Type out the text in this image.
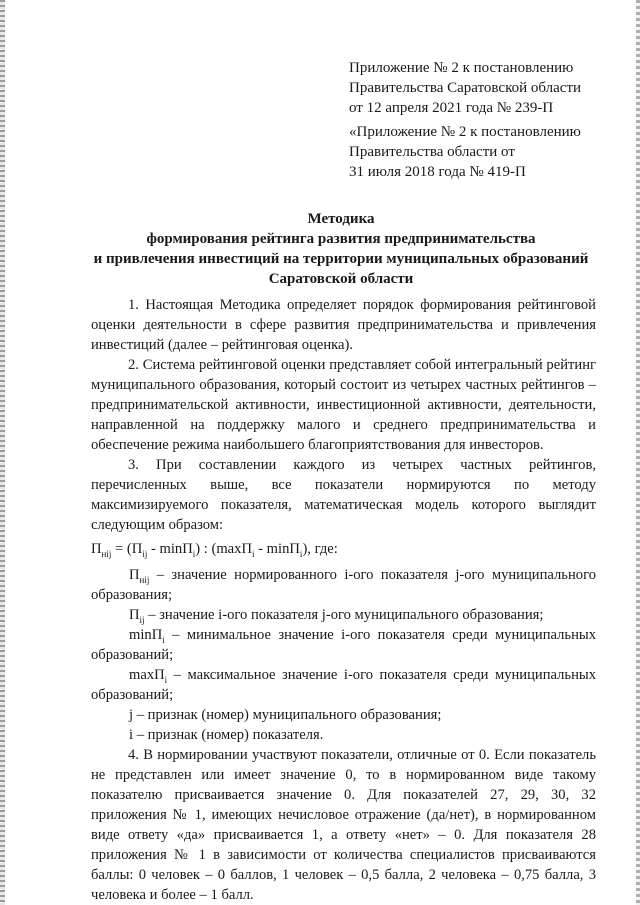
Приложение № 2 к постановлению
Правительства Саратовской области
от 12 апреля 2021 года № 239-П
«Приложение № 2 к постановлению
Правительства области от
31 июля 2018 года № 419-П
Методика
формирования рейтинга развития предпринимательства
и привлечения инвестиций на территории муниципальных образований
Саратовской области

1. Настоящая Методика определяет порядок формирования рейтинговой оценки деятельности в сфере развития предпринимательства и привлечения инвестиций (далее – рейтинговая оценка).

2. Система рейтинговой оценки представляет собой интегральный рейтинг муниципального образования, который состоит из четырех частных рейтингов – предпринимательской активности, инвестиционной активности, деятельности, направленной на поддержку малого и среднего предпринимательства и обеспечение режима наибольшего благоприятствования для инвесторов.

3. При составлении каждого из четырех частных рейтингов, перечисленных выше, все показатели нормируются по методу максимизируемого показателя, математическая модель которого выглядит следующим образом:

$П_{нij} = (П_{ij} - \min П_i)$ : (maxП$_i$ - minП$_i$), где:

$П_{нij}$ – значение нормированного i-ого показателя j-ого муниципального образования;

$П_{ij}$ – значение i-ого показателя j-ого муниципального образования;

minП$_i$ – минимальное значение i-ого показателя среди муниципальных образований;

maxП$_i$ – максимальное значение i-ого показателя среди муниципальных образований;

j – признак (номер) муниципального образования;

i – признак (номер) показателя.

4. В нормировании участвуют показатели, отличные от 0. Если показатель не представлен или имеет значение 0, то в нормированном виде такому показателю присваивается значение 0. Для показателей 27, 29, 30, 32 приложения № 1, имеющих нечисловое отражение (да/нет), в нормированном виде ответу «да» присваивается 1, а ответу «нет» – 0. Для показателя 28 приложения № 1 в зависимости от количества специалистов присваиваются баллы: 0 человек – 0 баллов, 1 человек – 0,5 балла, 2 человека – 0,75 балла, 3 человека и более – 1 балл.
